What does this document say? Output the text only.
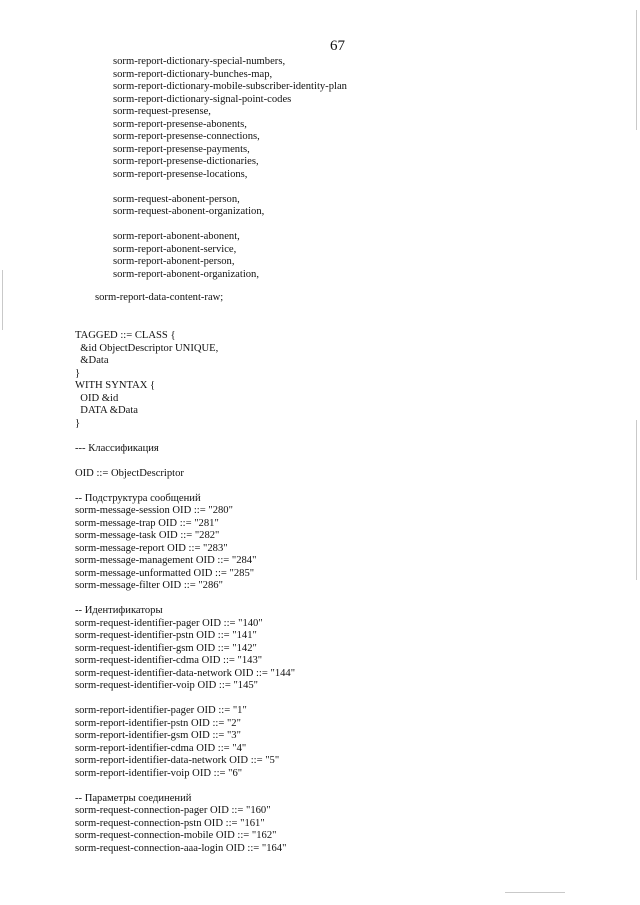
67
sorm-report-dictionary-special-numbers,
sorm-report-dictionary-bunches-map,
sorm-report-dictionary-mobile-subscriber-identity-plan
sorm-report-dictionary-signal-point-codes
sorm-request-presense,
sorm-report-presense-abonents,
sorm-report-presense-connections,
sorm-report-presense-payments,
sorm-report-presense-dictionaries,
sorm-report-presense-locations,
sorm-request-abonent-person,
sorm-request-abonent-organization,
sorm-report-abonent-abonent,
sorm-report-abonent-service,
sorm-report-abonent-person,
sorm-report-abonent-organization,
sorm-report-data-content-raw;
TAGGED ::= CLASS {
&id ObjectDescriptor UNIQUE,
&Data
}
WITH SYNTAX {
OID &id
DATA &Data
}
--- Классификация
OID ::= ObjectDescriptor
-- Подструктура сообщений
sorm-message-session OID ::= "280"
sorm-message-trap OID ::= "281"
sorm-message-task OID ::= "282"
sorm-message-report OID ::= "283"
sorm-message-management OID ::= "284"
sorm-message-unformatted OID ::= "285"
sorm-message-filter OID ::= "286"
-- Идентификаторы
sorm-request-identifier-pager OID ::= "140"
sorm-request-identifier-pstn OID ::= "141"
sorm-request-identifier-gsm OID ::= "142"
sorm-request-identifier-cdma OID ::= "143"
sorm-request-identifier-data-network OID ::= "144"
sorm-request-identifier-voip OID ::= "145"
sorm-report-identifier-pager OID ::= "1"
sorm-report-identifier-pstn OID ::= "2"
sorm-report-identifier-gsm OID ::= "3"
sorm-report-identifier-cdma OID ::= "4"
sorm-report-identifier-data-network OID ::= "5"
sorm-report-identifier-voip OID ::= "6"
-- Параметры соединений
sorm-request-connection-pager OID ::= "160"
sorm-request-connection-pstn OID ::= "161"
sorm-request-connection-mobile OID ::= "162"
sorm-request-connection-aaa-login OID ::= "164"
